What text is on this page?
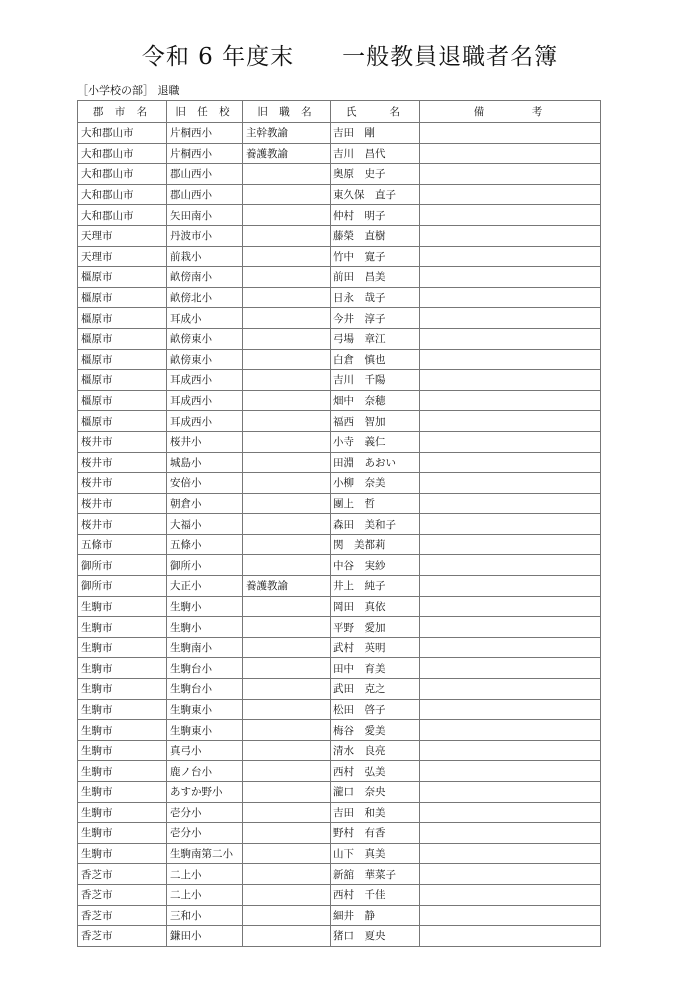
令和 6 年度末　　一般教員退職者名簿
［小学校の部］ 退職
郡 市 名	旧 任 校	旧 職 名	氏　　名	備　　　考
大和郡山市	片桐西小	主幹教諭	吉田　剛	
大和郡山市	片桐西小	養護教諭	吉川　昌代	
大和郡山市	郡山西小		奥原　史子	
大和郡山市	郡山西小		東久保　直子	
大和郡山市	矢田南小		仲村　明子	
天理市	丹波市小		藤榮　直樹	
天理市	前栽小		竹中　寛子	
橿原市	畝傍南小		前田　昌美	
橿原市	畝傍北小		日永　哉子	
橿原市	耳成小		今井　淳子	
橿原市	畝傍東小		弓場　章江	
橿原市	畝傍東小		白倉　慎也	
橿原市	耳成西小		吉川　千陽	
橿原市	耳成西小		畑中　奈穂	
橿原市	耳成西小		福西　智加	
桜井市	桜井小		小寺　義仁	
桜井市	城島小		田淵　あおい	
桜井市	安倍小		小柳　奈美	
桜井市	朝倉小		團上　哲	
桜井市	大福小		森田　美和子	
五條市	五條小		関　美都莉	
御所市	御所小		中谷　実紗	
御所市	大正小	養護教諭	井上　純子	
生駒市	生駒小		岡田　真依	
生駒市	生駒小		平野　愛加	
生駒市	生駒南小		武村　英明	
生駒市	生駒台小		田中　育美	
生駒市	生駒台小		武田　克之	
生駒市	生駒東小		松田　啓子	
生駒市	生駒東小		梅谷　愛美	
生駒市	真弓小		清水　良亮	
生駒市	鹿ノ台小		西村　弘美	
生駒市	あすか野小		瀧口　奈央	
生駒市	壱分小		吉田　和美	
生駒市	壱分小		野村　有香	
生駒市	生駒南第二小		山下　真美	
香芝市	二上小		新舘　華菜子	
香芝市	二上小		西村　千佳	
香芝市	三和小		細井　静	
香芝市	鎌田小		猪口　夏央	
